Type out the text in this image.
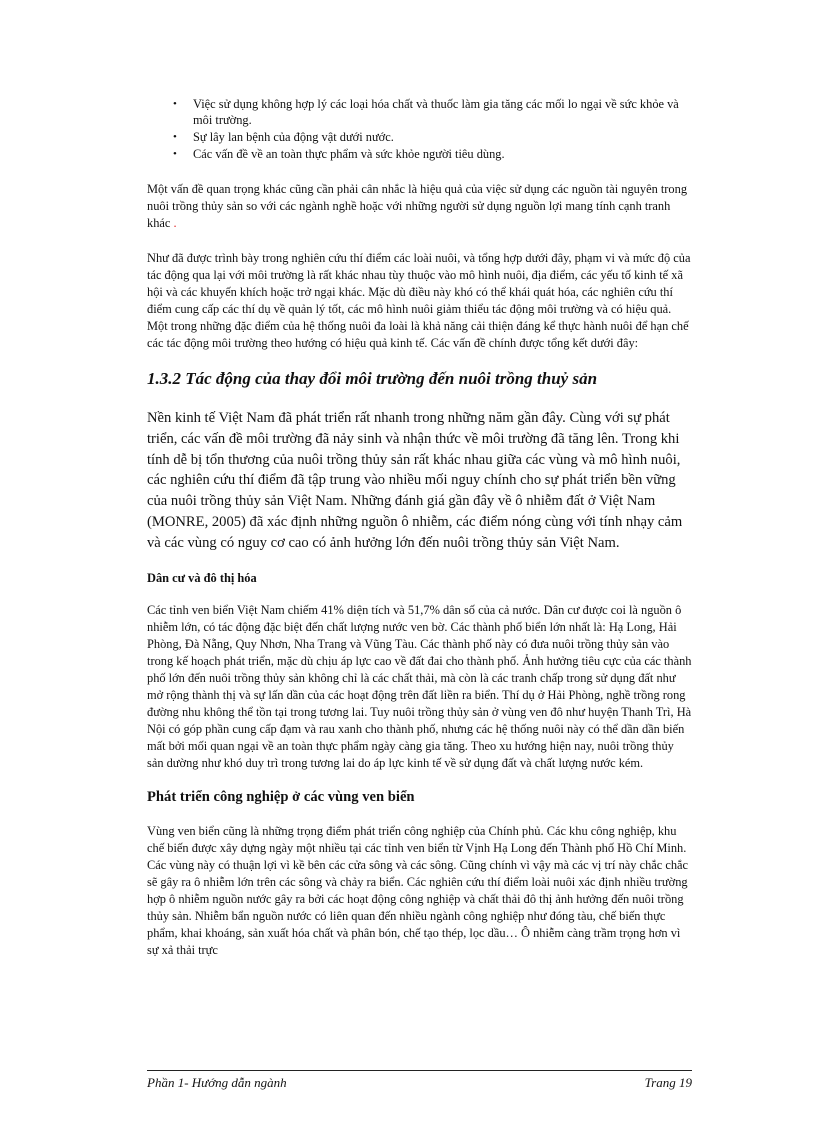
• Việc sử dụng không hợp lý các loại hóa chất và thuốc làm gia tăng các mối lo ngại về sức khỏe và môi trường.
• Sự lây lan bệnh của động vật dưới nước.
• Các vấn đề về an toàn thực phẩm và sức khỏe người tiêu dùng.

Một vấn đề quan trọng khác cũng cần phải cân nhắc là hiệu quả của việc sử dụng các nguồn tài nguyên trong nuôi trồng thủy sản so với các ngành nghề hoặc với những người sử dụng nguồn lợi mang tính cạnh tranh khác .

Như đã được trình bày trong nghiên cứu thí điểm các loài nuôi, và tổng hợp dưới đây, phạm vi và mức độ của tác động qua lại với môi trường là rất khác nhau tùy thuộc vào mô hình nuôi, địa điểm, các yếu tố kinh tế xã hội và các khuyến khích hoặc trở ngại khác. Mặc dù điều này khó có thể khái quát hóa, các nghiên cứu thí điểm cung cấp các thí dụ về quản lý tốt, các mô hình nuôi giảm thiểu tác động môi trường và có hiệu quả. Một trong những đặc điểm của hệ thống nuôi đa loài là khả năng cải thiện đáng kể thực hành nuôi để hạn chế các tác động môi trường theo hướng có hiệu quả kinh tế. Các vấn đề chính được tổng kết dưới đây:

1.3.2 Tác động của thay đổi môi trường đến nuôi trồng thuỷ sản

Nền kinh tế Việt Nam đã phát triển rất nhanh trong những năm gần đây. Cùng với sự phát triển, các vấn đề môi trường đã nảy sinh và nhận thức về môi trường đã tăng lên. Trong khi tính dễ bị tổn thương của nuôi trồng thủy sản rất khác nhau giữa các vùng và mô hình nuôi, các nghiên cứu thí điểm đã tập trung vào nhiều mối nguy chính cho sự phát triển bền vững của nuôi trồng thủy sản Việt Nam. Những đánh giá gần đây về ô nhiễm đất ở Việt Nam (MONRE, 2005) đã xác định những nguồn ô nhiễm, các điểm nóng cùng với tính nhạy cảm và các vùng có nguy cơ cao có ảnh hưởng lớn đến nuôi trồng thủy sản Việt Nam.

Dân cư và đô thị hóa

Các tỉnh ven biển Việt Nam chiếm 41% diện tích và 51,7% dân số của cả nước. Dân cư được coi là nguồn ô nhiễm lớn, có tác động đặc biệt đến chất lượng nước ven bờ. Các thành phố biển lớn nhất là: Hạ Long, Hải Phòng, Đà Nẵng, Quy Nhơn, Nha Trang và Vũng Tàu. Các thành phố này có đưa nuôi trồng thủy sản vào trong kế hoạch phát triển, mặc dù chịu áp lực cao về đất đai cho thành phố. Ảnh hưởng tiêu cực của các thành phố lớn đến nuôi trồng thủy sản không chỉ là các chất thải, mà còn là các tranh chấp trong sử dụng đất như mở rộng thành thị và sự lấn dần của các hoạt động trên đất liền ra biển. Thí dụ ở Hải Phòng, nghề trồng rong đường nhu không thể tồn tại trong tương lai. Tuy nuôi trồng thủy sản ở vùng ven đô như huyện Thanh Trì, Hà Nội có góp phần cung cấp đạm và rau xanh cho thành phố, nhưng các hệ thống nuôi này có thể dần dần biến mất bởi mối quan ngại về an toàn thực phẩm ngày càng gia tăng. Theo xu hướng hiện nay, nuôi trồng thủy sản dường như khó duy trì trong tương lai do áp lực kinh tế về sử dụng đất và chất lượng nước kém.

Phát triển công nghiệp ở các vùng ven biển

Vùng ven biển cũng là những trọng điểm phát triển công nghiệp của Chính phủ. Các khu công nghiệp, khu chế biến được xây dựng ngày một nhiều tại các tỉnh ven biển từ Vịnh Hạ Long đến Thành phố Hồ Chí Minh. Các vùng này có thuận lợi vì kề bên các cửa sông và các sông. Cũng chính vì vậy mà các vị trí này chắc chắc sẽ gây ra ô nhiễm lớn trên các sông và chảy ra biển. Các nghiên cứu thí điểm loài nuôi xác định nhiều trường hợp ô nhiễm nguồn nước gây ra bởi các hoạt động công nghiệp và chất thải đô thị ảnh hưởng đến nuôi trồng thủy sản. Nhiễm bẩn nguồn nước có liên quan đến nhiều ngành công nghiệp như đóng tàu, chế biến thực phẩm, khai khoáng, sản xuất hóa chất và phân bón, chế tạo thép, lọc dầu… Ô nhiễm càng trầm trọng hơn vì sự xả thải trực

Phần 1- Hướng dẫn ngành	Trang 19
